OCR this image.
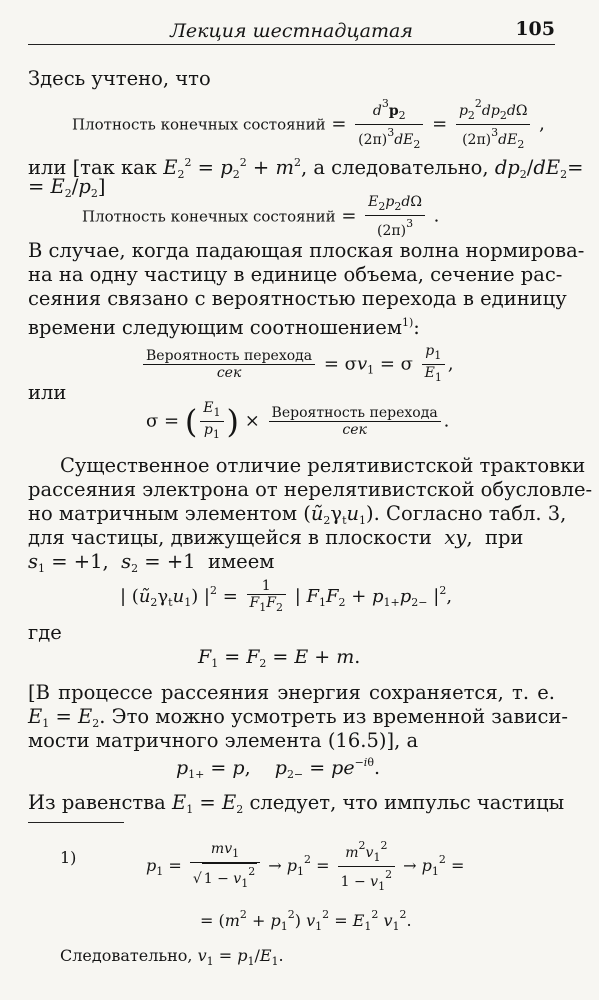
Лекция шестнадцатая	105
Здесь учтено, что
Плотность конечных состояний = $\frac{d^3p_2}{(2\pi)^3dE_2} = \frac{p_2^2dp_2d\Omega}{(2\pi)^3dE_2}$ ,
или [так как $E_2^2 = p_2^2 + m^2$, а следовательно, $dp_2/dE_2=$
= $E_2/p_2$]
Плотность конечных состояний = $\frac{E_2p_2d\Omega}{(2\pi)^3}$ .
В случае, когда падающая плоская волна нормирова-
на на одну частицу в единице объема, сечение рас-
сеяния связано с вероятностью перехода в единицу
времени следующим соотношением$^{1)}$:
$\frac{\text{Вероятность перехода}}{\text{сек}} = \sigma v_1 = \sigma \frac{p_1}{E_1}$ ,
или
σ = ( $\frac{E_1}{p_1}$ ) × $\frac{\text{Вероятность перехода}}{\text{сек}}$ .
Существенное отличие релятивистской трактовки
рассеяния электрона от нерелятивистской обусловле-
но матричным элементом $(ũ_2\gamma_tu_1)$. Согласно табл. 3,
для частицы, движущейся в плоскости xy,  при
$s_1 = +1$,  $s_2 = +1$  имеем
| $(ũ_2\gamma_tu_1) |^2 = \frac{1}{F_1F_2}$ | $F_1F_2 + p_{1+}p_{2-}$ $|^2$,
где
$F_1 = F_2 = E + m$.
[В процессе рассеяния энергия сохраняется, т. е.
$E_1 = E_2$. Это можно усмотреть из временной зависи-
мости матричного элемента (16.5)], а
$p_{1+} = p$,    $p_{2-} = pe^{-i\theta}$.
Из равенства $E_1 = E_2$ следует, что импульс частицы
1)	$p_1 = \frac{mv_1}{√ 1 - v_1^2} \to p_1^2 = \frac{m^2v_1^2}{1 - v_1^2} \to p_1^2$ =
= $(m^2 + p_1^2) v_1^2 = E_1^2$ $v_1^2$.
Следовательно, $v_1 = p_1/E_1$.
